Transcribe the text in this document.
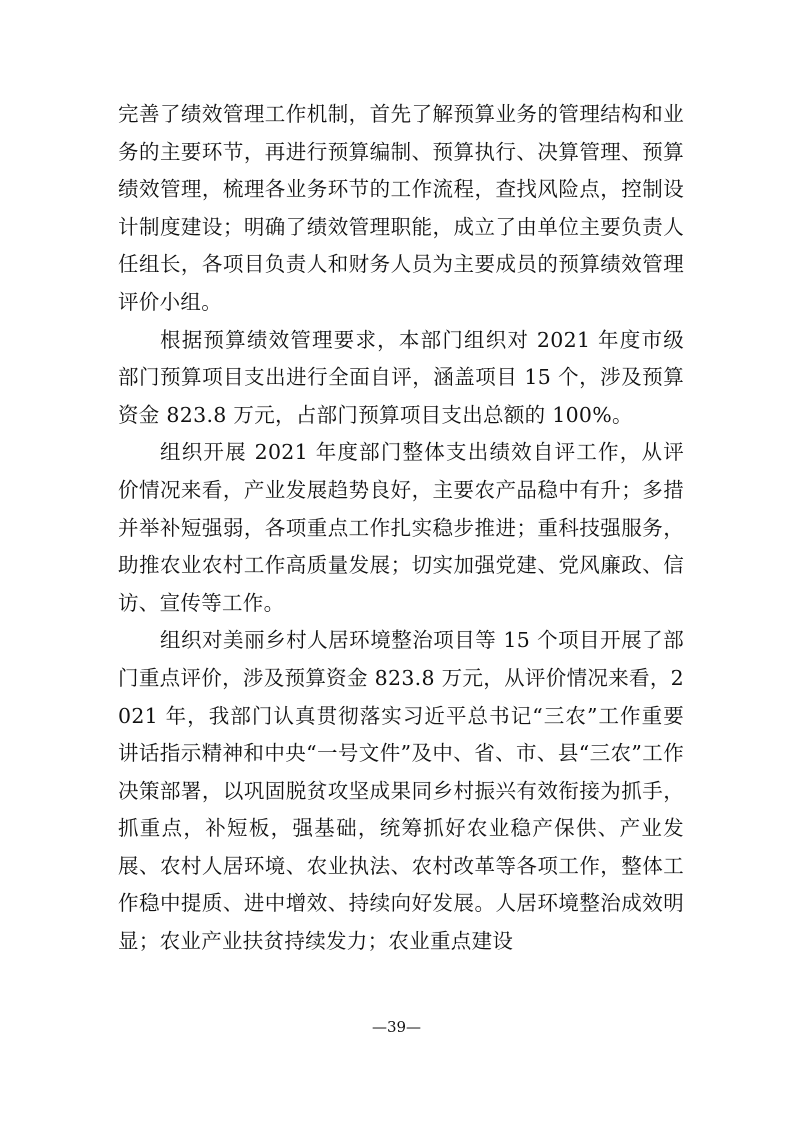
完善了绩效管理工作机制，首先了解预算业务的管理结构和业务的主要环节，再进行预算编制、预算执行、决算管理、预算绩效管理，梳理各业务环节的工作流程，查找风险点，控制设计制度建设；明确了绩效管理职能，成立了由单位主要负责人任组长，各项目负责人和财务人员为主要成员的预算绩效管理评价小组。

根据预算绩效管理要求，本部门组织对 2021 年度市级部门预算项目支出进行全面自评，涵盖项目 15 个，涉及预算资金 823.8 万元，占部门预算项目支出总额的 100%。

组织开展 2021 年度部门整体支出绩效自评工作，从评价情况来看，产业发展趋势良好，主要农产品稳中有升；多措并举补短强弱，各项重点工作扎实稳步推进；重科技强服务，助推农业农村工作高质量发展；切实加强党建、党风廉政、信访、宣传等工作。

组织对美丽乡村人居环境整治项目等 15 个项目开展了部门重点评价，涉及预算资金 823.8 万元，从评价情况来看，2021 年，我部门认真贯彻落实习近平总书记“三农”工作重要讲话指示精神和中央“一号文件”及中、省、市、县“三农”工作决策部署，以巩固脱贫攻坚成果同乡村振兴有效衔接为抓手，抓重点，补短板，强基础，统筹抓好农业稳产保供、产业发展、农村人居环境、农业执法、农村改革等各项工作，整体工作稳中提质、进中增效、持续向好发展。人居环境整治成效明显；农业产业扶贫持续发力；农业重点建设

—39—
